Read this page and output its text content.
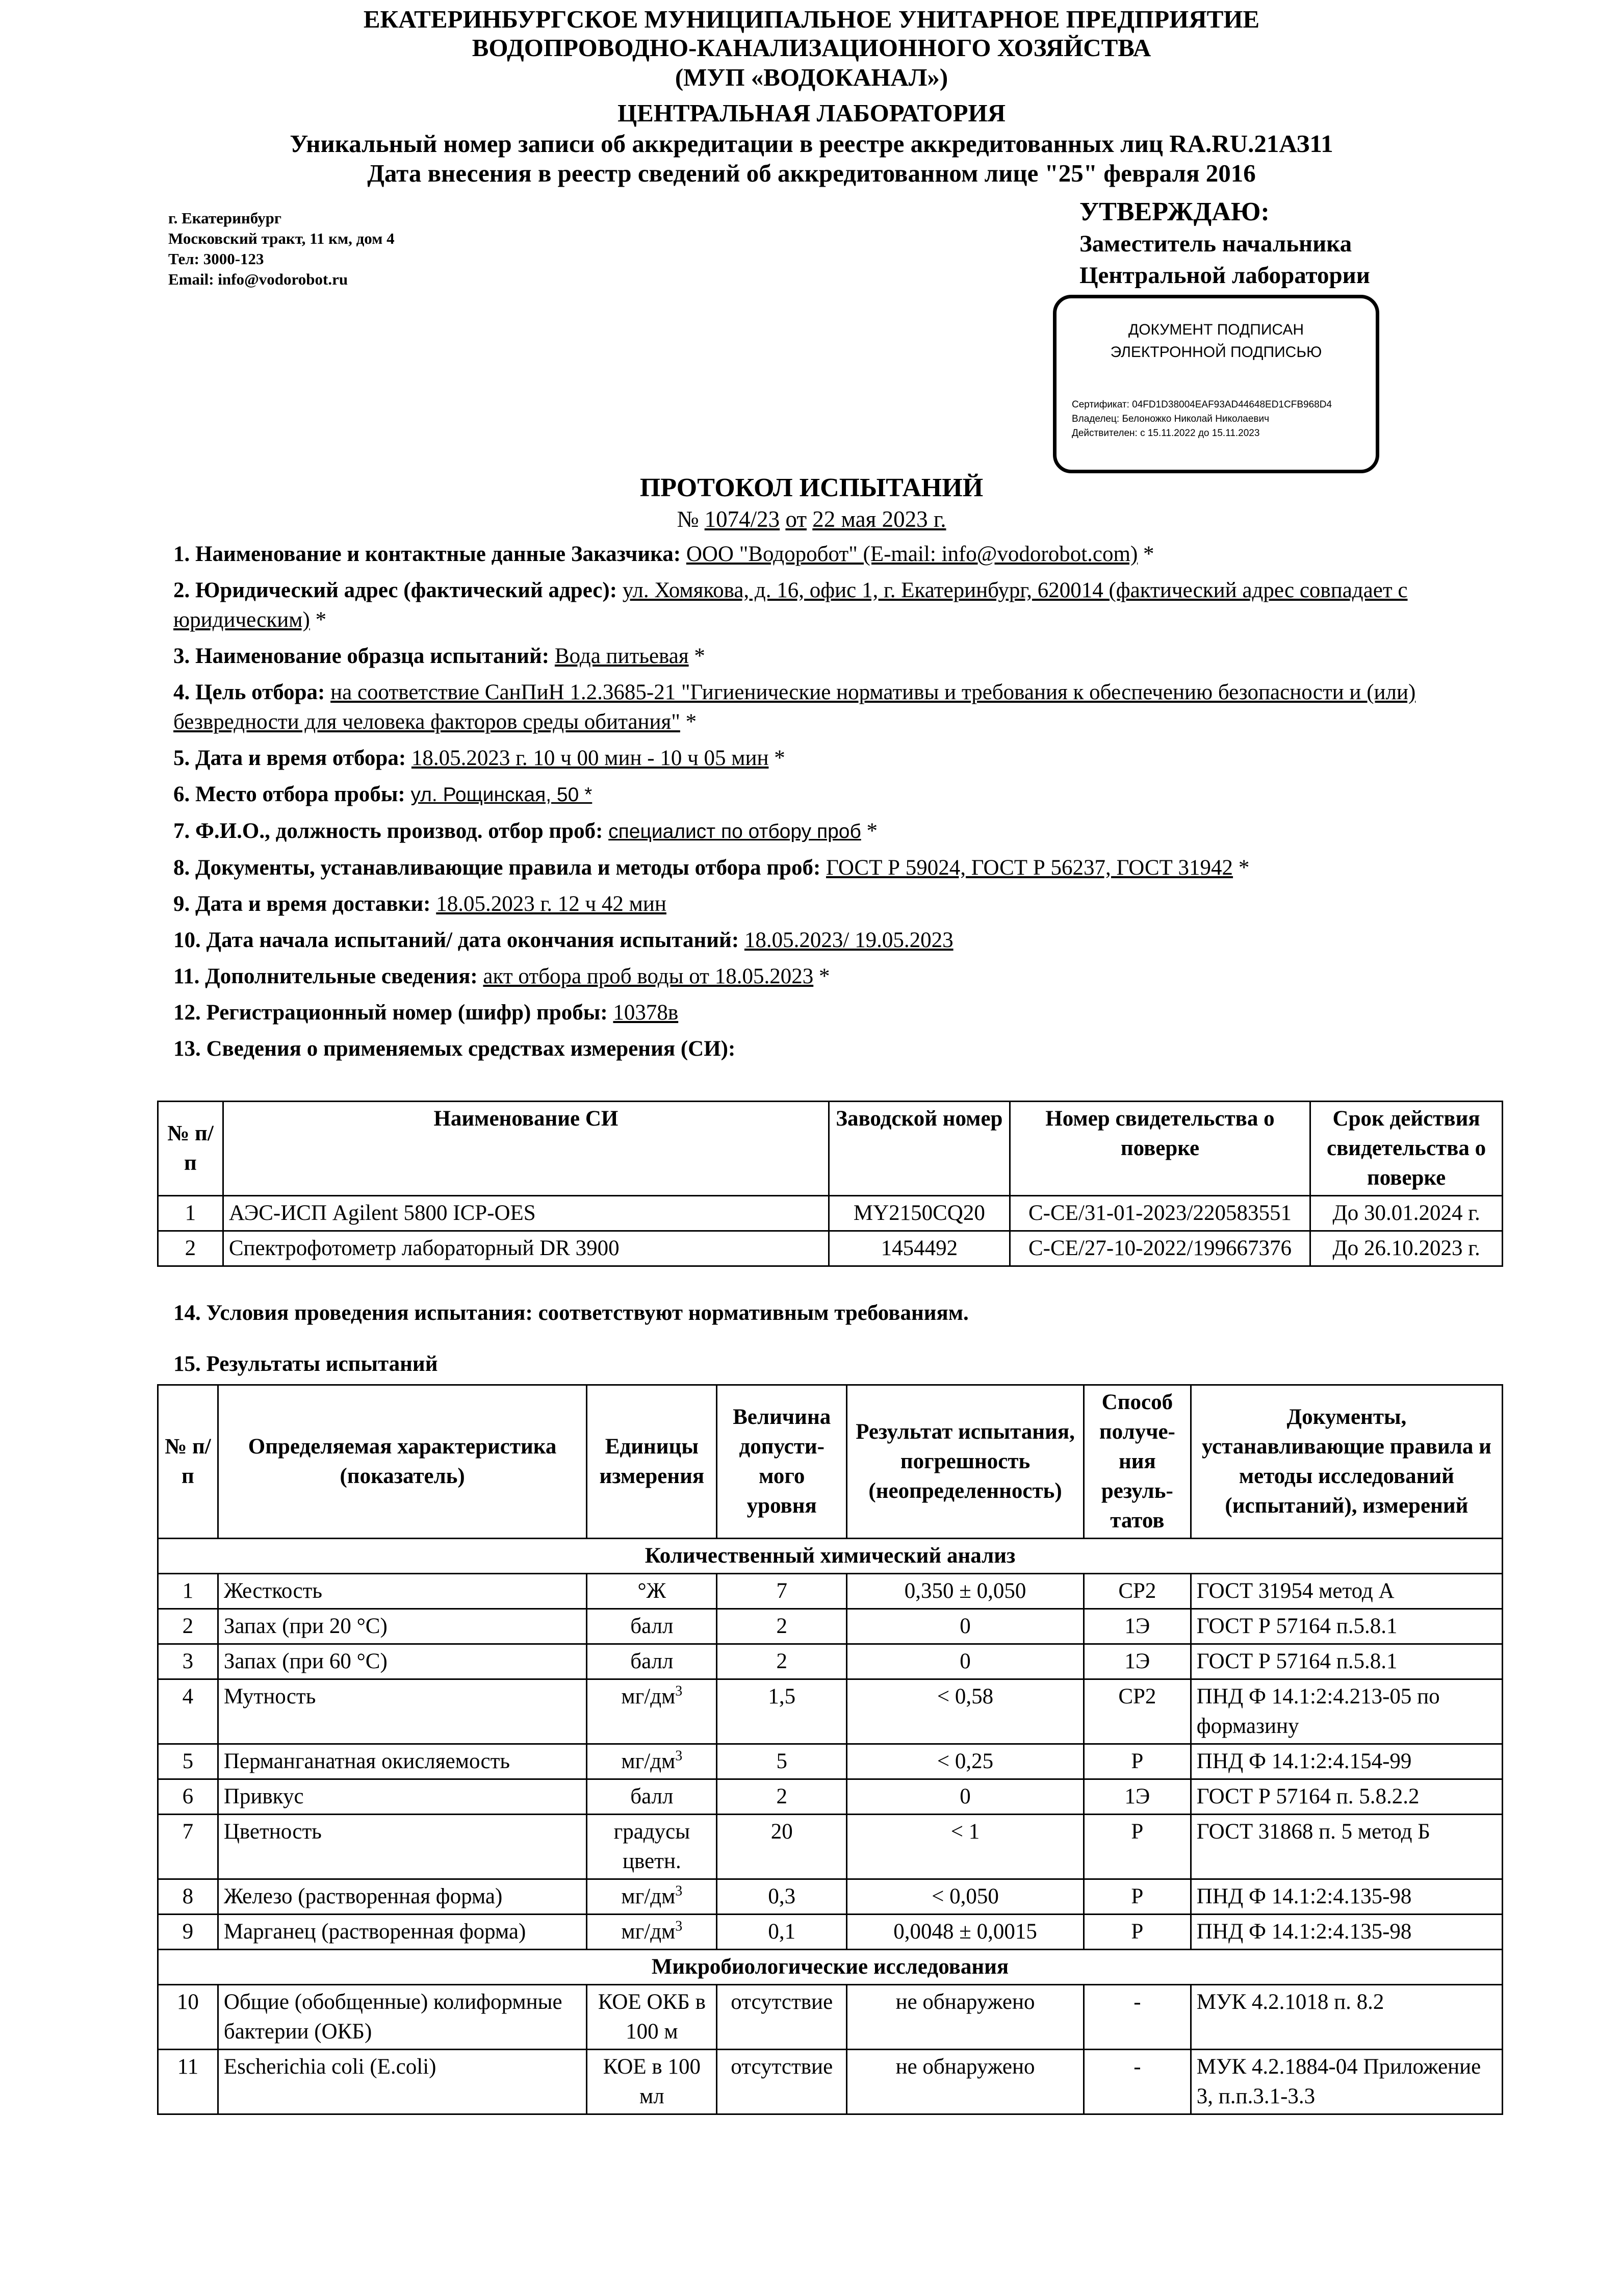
ЕКАТЕРИНБУРГСКОЕ МУНИЦИПАЛЬНОЕ УНИТАРНОЕ ПРЕДПРИЯТИЕ
ВОДОПРОВОДНО-КАНАЛИЗАЦИОННОГО ХОЗЯЙСТВА
(МУП «ВОДОКАНАЛ»)
ЦЕНТРАЛЬНАЯ ЛАБОРАТОРИЯ
Уникальный номер записи об аккредитации в реестре аккредитованных лиц RA.RU.21АЗ11
Дата внесения в реестр сведений об аккредитованном лице "25" февраля 2016
г. Екатеринбург
Московский тракт, 11 км, дом 4
Тел: 3000-123
Email: info@vodorobot.ru
УТВЕРЖДАЮ:
Заместитель начальника
Центральной лаборатории
ДОКУМЕНТ ПОДПИСАН
ЭЛЕКТРОННОЙ ПОДПИСЬЮ
Сертификат: 04FD1D38004EAF93AD44648ED1CFB968D4
Владелец: Белоножко Николай Николаевич
Действителен: с 15.11.2022 до 15.11.2023
ПРОТОКОЛ ИСПЫТАНИЙ
№ 1074/23 от 22 мая 2023 г.
1. Наименование и контактные данные Заказчика: ООО "Водоробот" (E-mail: info@vodorobot.com) *
2. Юридический адрес (фактический адрес): ул. Хомякова, д. 16, офис 1, г. Екатеринбург, 620014 (фактический адрес совпадает с юридическим) *
3. Наименование образца испытаний: Вода питьевая *
4. Цель отбора: на соответствие СанПиН 1.2.3685-21 "Гигиенические нормативы и требования к обеспечению безопасности и (или) безвредности для человека факторов среды обитания" *
5. Дата и время отбора: 18.05.2023 г. 10 ч 00 мин - 10 ч 05 мин *
6. Место отбора пробы: ул. Рощинская, 50 *
7. Ф.И.О., должность производ. отбор проб: специалист по отбору проб *
8. Документы, устанавливающие правила и методы отбора проб: ГОСТ Р 59024, ГОСТ Р 56237, ГОСТ 31942 *
9. Дата и время доставки: 18.05.2023 г. 12 ч 42 мин
10. Дата начала испытаний/ дата окончания испытаний: 18.05.2023/ 19.05.2023
11. Дополнительные сведения: акт отбора проб воды от 18.05.2023 *
12. Регистрационный номер (шифр) пробы: 10378в
13. Сведения о применяемых средствах измерения (СИ):
№ п/п	Наименование СИ	Заводской номер	Номер свидетельства о поверке	Срок действия свидетельства о поверке
1	АЭС-ИСП Agilent 5800 ICP-OES	MY2150CQ20	С-СЕ/31-01-2023/220583551	До 30.01.2024 г.
2	Спектрофотометр лабораторный DR 3900	1454492	С-СЕ/27-10-2022/199667376	До 26.10.2023 г.
14. Условия проведения испытания: соответствуют нормативным требованиям.
15. Результаты испытаний
№ п/п	Определяемая характеристика (показатель)	Единицы измерения	Величина допусти-мого уровня	Результат испытания, погрешность (неопределенность)	Способ получе-ния резуль-татов	Документы, устанавливающие правила и методы исследований (испытаний), измерений
Количественный химический анализ						
1	Жесткость	°Ж	7	0,350 ± 0,050	СР2	ГОСТ 31954 метод А
2	Запах (при 20 °С)	балл	2	0	1Э	ГОСТ Р 57164 п.5.8.1
3	Запах (при 60 °С)	балл	2	0	1Э	ГОСТ Р 57164 п.5.8.1
4	Мутность	$мг/дм^3$	1,5	< 0,58	СР2	ПНД Ф 14.1:2:4.213-05 по формазину
5	Перманганатная окисляемость	$мг/дм^3$	5	< 0,25	Р	ПНД Ф 14.1:2:4.154-99
6	Привкус	балл	2	0	1Э	ГОСТ Р 57164 п. 5.8.2.2
7	Цветность	градусы цветн.	20	< 1	Р	ГОСТ 31868 п. 5 метод Б
8	Железо (растворенная форма)	$мг/дм^3$	0,3	< 0,050	Р	ПНД Ф 14.1:2:4.135-98
9	Марганец (растворенная форма)	$мг/дм^3$	0,1	0,0048 ± 0,0015	Р	ПНД Ф 14.1:2:4.135-98
Микробиологические исследования						
10	Общие (обобщенные) колиформные бактерии (ОКБ)	КОЕ ОКБ в 100 м	отсутствие	не обнаружено	-	МУК 4.2.1018 п. 8.2
11	Escherichia coli (E.coli)	КОЕ в 100 мл	отсутствие	не обнаружено	-	МУК 4.2.1884-04 Приложение 3, п.п.3.1-3.3
